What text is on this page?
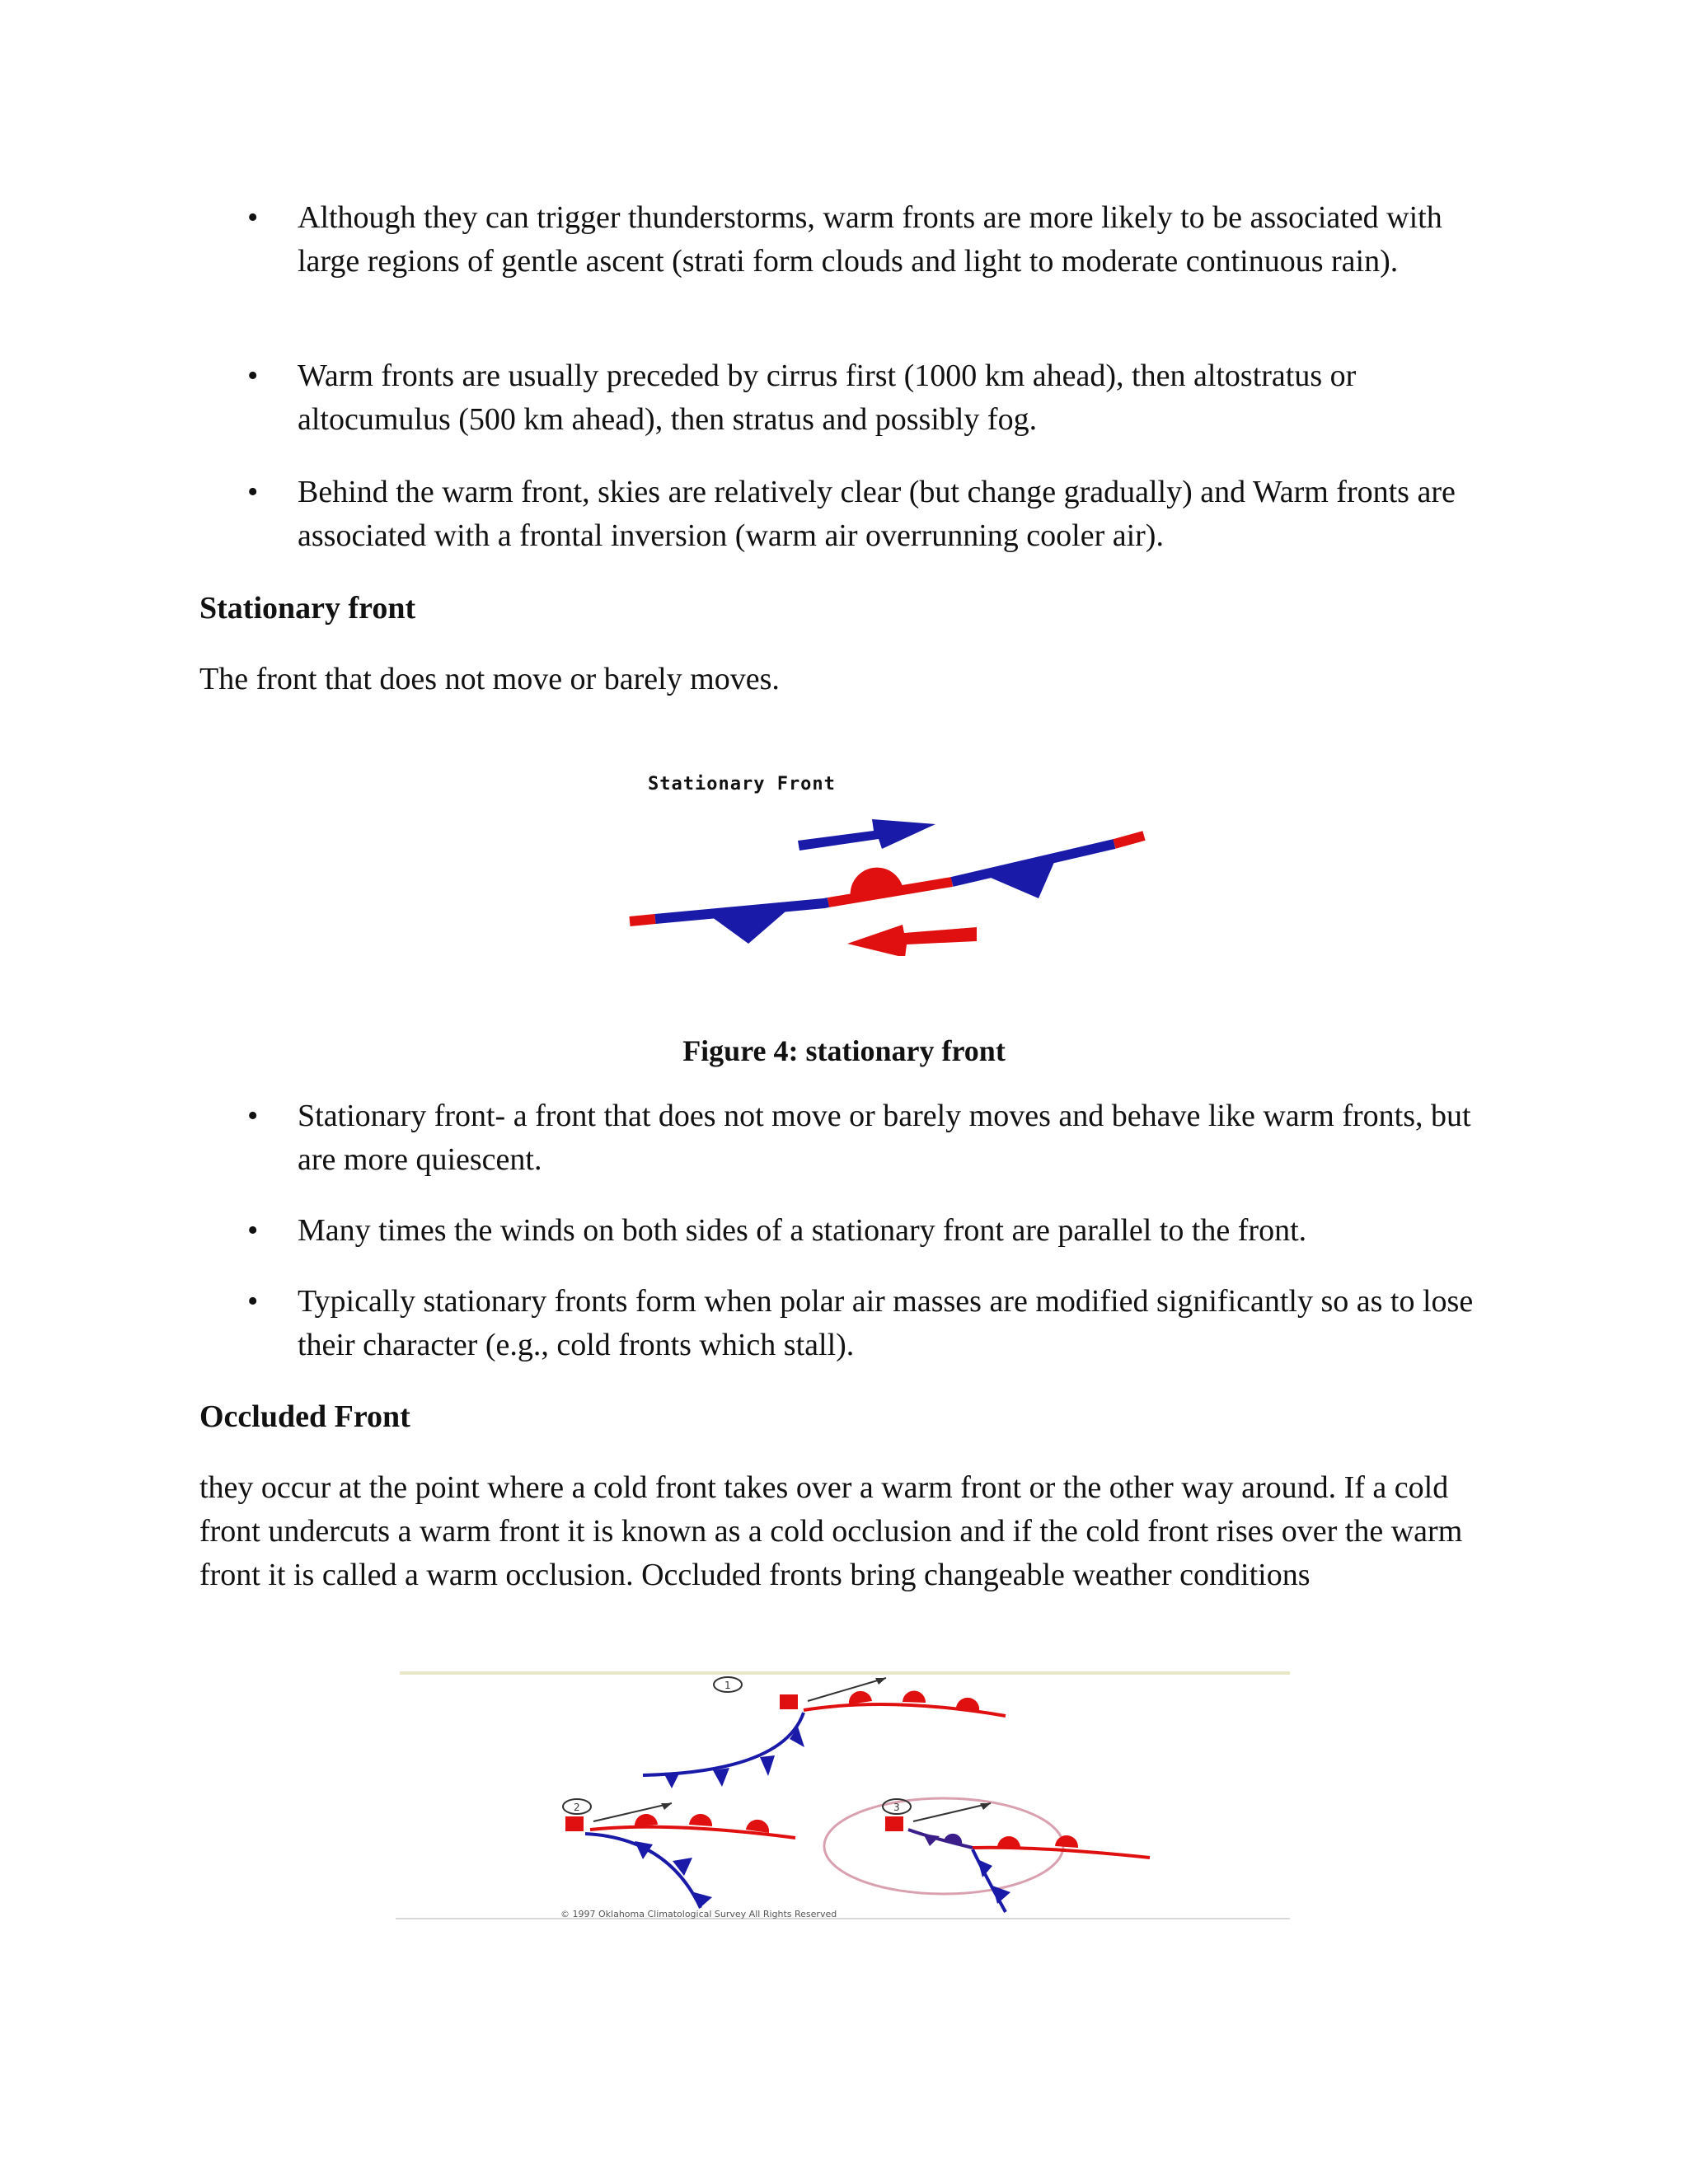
• Although they can trigger thunderstorms, warm fronts are more likely to be associated with large regions of gentle ascent (strati form clouds and light to moderate continuous rain).
• Warm fronts are usually preceded by cirrus first (1000 km ahead), then altostratus or altocumulus (500 km ahead), then stratus and possibly fog.
• Behind the warm front, skies are relatively clear (but change gradually) and Warm fronts are associated with a frontal inversion (warm air overrunning cooler air).
Stationary front
The front that does not move or barely moves.
Stationary Front
Figure 4: stationary front
• Stationary front- a front that does not move or barely moves and behave like warm fronts, but are more quiescent.
• Many times the winds on both sides of a stationary front are parallel to the front.
• Typically stationary fronts form when polar air masses are modified significantly so as to lose their character (e.g., cold fronts which stall).
Occluded Front
they occur at the point where a cold front takes over a warm front or the other way around. If a cold front undercuts a warm front it is known as a cold occlusion and if the cold front rises over the warm front it is called a warm occlusion. Occluded fronts bring changeable weather conditions
1
2	3
© 1997 Oklahoma Climatological Survey All Rights Reserved
